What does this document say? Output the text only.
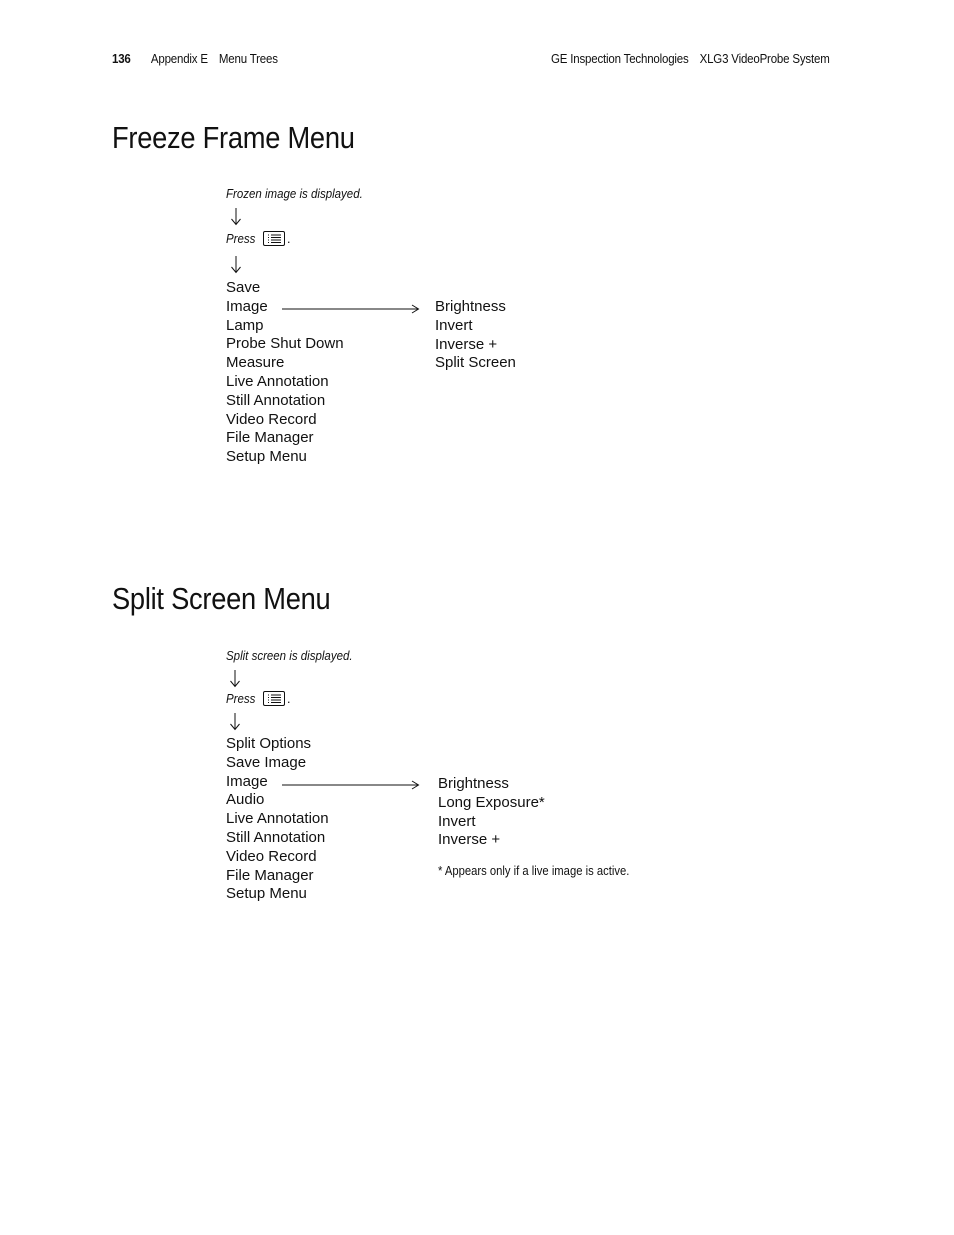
136 Appendix E Menu Trees	GE Inspection Technologies XLG3 VideoProbe System
Freeze Frame Menu
Frozen image is displayed.
Press	.
Save
Image
Lamp
Probe Shut Down
Measure
Live Annotation
Still Annotation
Video Record
File Manager
Setup Menu
Brightness
Invert
Inverse +
Split Screen
Split Screen Menu
Split screen is displayed.
Press	.
Split Options
Save Image
Image
Audio
Live Annotation
Still Annotation
Video Record
File Manager
Setup Menu
Brightness
Long Exposure*
Invert
Inverse +
* Appears only if a live image is active.
